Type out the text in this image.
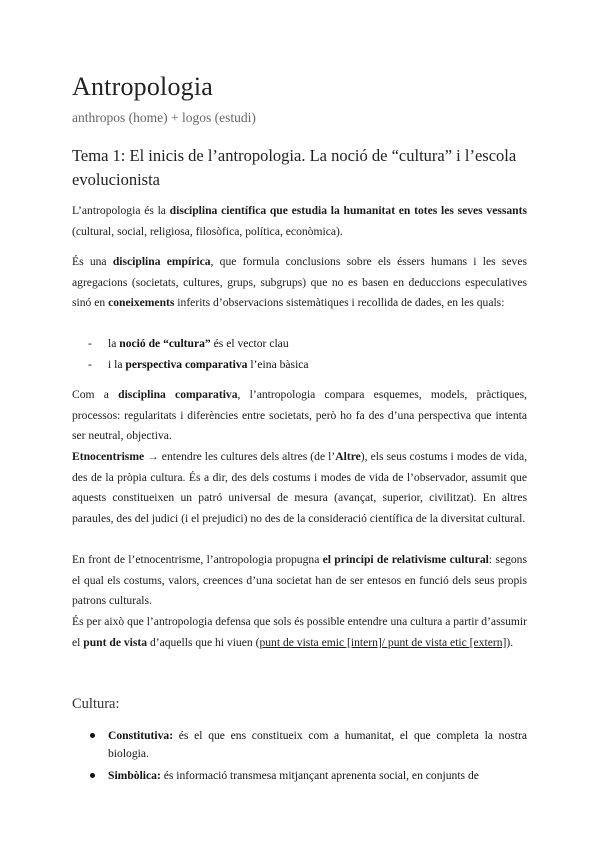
Antropologia
anthropos (home) + logos (estudi)
Tema 1: El inicis de l’antropologia. La noció de “cultura” i l’escola evolucionista
L’antropologia és la disciplina científica que estudia la humanitat en totes les seves vessants (cultural, social, religiosa, filosòfica, política, econòmica).
És una disciplina empírica, que formula conclusions sobre els éssers humans i les seves agregacions (societats, cultures, grups, subgrups) que no es basen en deduccions especulatives sinó en coneixements inferits d’observacions sistemàtiques i recollida de dades, en les quals:
- la noció de “cultura” és el vector clau
- i la perspectiva comparativa l’eina bàsica
Com a disciplina comparativa, l’antropologia compara esquemes, models, pràctiques, processos: regularitats i diferències entre societats, però ho fa des d’una perspectiva que intenta ser neutral, objectiva.
Etnocentrisme → entendre les cultures dels altres (de l’Altre), els seus costums i modes de vida, des de la pròpia cultura. És a dir, des dels costums i modes de vida de l’observador, assumit que aquests constitueixen un patró universal de mesura (avançat, superior, civilitzat). En altres paraules, des del judici (i el prejudici) no des de la consideració científica de la diversitat cultural.
En front de l’etnocentrisme, l’antropologia propugna el principi de relativisme cultural: segons el qual els costums, valors, creences d’una societat han de ser entesos en funció dels seus propis patrons culturals.
És per això que l’antropologia defensa que sols és possible entendre una cultura a partir d’assumir el punt de vista d’aquells que hi viuen (punt de vista emic [intern]/ punt de vista etic [extern]).
Cultura:
Constitutiva: és el que ens constitueix com a humanitat, el que completa la nostra biologia.
Simbòlica: és informació transmesa mitjançant aprenenta social, en conjunts de
